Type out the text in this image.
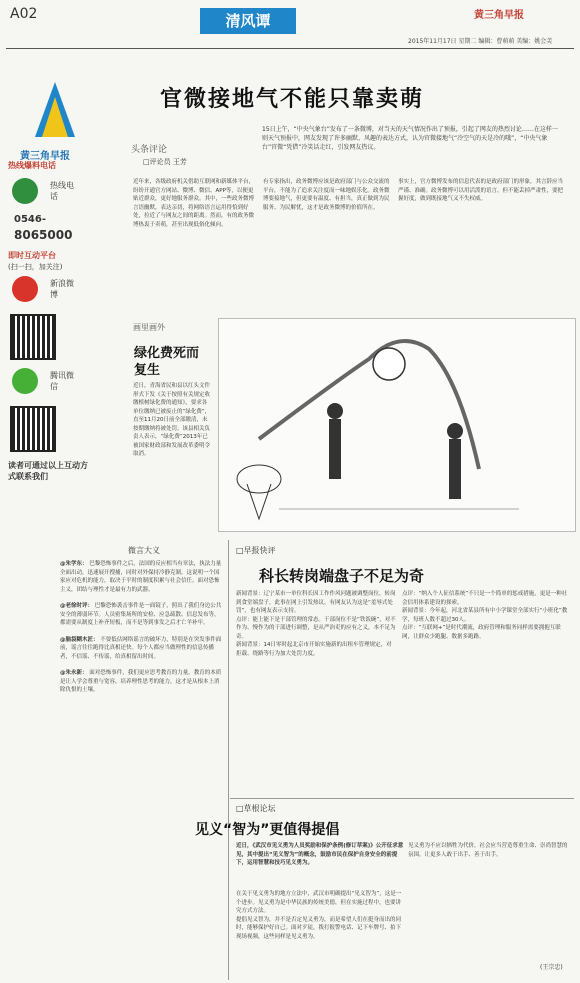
A02	清风谭	黄三角早报
2015年11月17日 星期二 编辑：曹萌萌 美编：姚会芙
黄三角早报
热线爆料电话
热线电话
0546-
8065000
即时互动平台
(扫一扫，加关注)
新浪微博
腾讯微信
读者可通过以上互动方式联系我们
官微接地气不能只靠卖萌
头条评论
□评论员 王芳
15日上午，“中央气象台”发布了一条微博，对当天的天气情况作出了预报，引起了网友的热烈讨论……在这样一则天气预报中，网友发现了许多幽默、风趣的表达方式，认为官微接地气“冷空气的天是冷的哦”，“中央气象台”官微“凭借”冷笑话走红，引发网友热议。
近年来，各级政府机关借助互联网和新媒体平台，纷纷开通官方网站、微博、微信、APP等，以便更贴近群众，更好地服务群众。其中，一些政务微博言语幽默，表达亲切，将网络语言运用得恰到好处，拉近了与网友之间的距离。然而，有的政务微博热衷于卖萌，甚至出现低俗化倾向。
有专家指出，政务微博应该是政府部门与公众交流的平台，不能为了追求关注度而一味地娱乐化。政务微博要接地气，但更要有温度、有担当，真正做到为民服务、为民解忧，这才是政务微博的价值所在。
事实上，官方微博发布的信息代表的是政府部门的形象，其言辞应当严谨、准确。政务微博可以用活泼的语言，但不能丢掉严肃性，要把握好度，做到既接地气又不失权威。
画里画外
绿化费死而复生
近日，青海省民和县以红头文件形式下发《关于按照有关规定收缴植树绿化费的通知》，要求各单位缴纳已被废止的“绿化费”，直至11月20日前全部缴清，未按期缴纳将被处罚。该县相关负责人表示，“绿化费”2013年已被国家财政部和发展改革委明令取消。
微言大义
@朱学东： 巴黎恐怖事件之后，法国的反应相当有章法，执法力量全面出动，迅速展开搜捕，同时对外保持冷静克制。这说明一个国家应对危机的能力，取决于平时的制度积累与社会信任。面对恐怖主义，团结与理性才是最有力的武器。
@老徐时评： 巴黎恐怖袭击事件是一面镜子，照出了我们身边公共安全的薄弱环节。人员密集场所的安检、应急疏散、信息发布等，都需要从制度上补齐短板，而不是等到事发之后才亡羊补牢。
@脑袋糊木匠： 不要低估网络谣言的破坏力，特别是在突发事件面前，谣言往往跑得比真相还快。每个人都应当做理性的信息传播者，不信谣、不传谣，给真相留出时间。
@朱永新： 面对恐怖事件，我们更应思考教育的力量。教育的本质是让人学会尊重与宽容，培养理性思考的能力，这才是从根本上消除仇恨的土壤。
□早报快评
科长转岗端盘子不足为奇
新闻背景：辽宁某市一单位科长因工作作风问题被调整岗位，转岗到食堂端盘子，此事在网上引发热议。有网友认为这是“羞辱式处罚”，也有网友表示支持。
点评：能上能下是干部管理的常态。干部岗位不是“铁饭碗”，对不作为、慢作为的干部进行调整，是从严治吏的应有之义，本不足为奇。
新闻背景：14日零时起北京市开始实施新的出租车管理规定，对拒载、绕路等行为加大处罚力度。
点评：“纳入个人征信系统”不只是一个简单的惩戒措施，更是一种社会信用体系建设的探索。
新闻背景：今年起，河北省某县所有中小学课堂全部实行“小班化”教学，每班人数不超过30人。
点评：“互联网+”是时代潮流，政府管理和服务同样需要拥抱互联网，让群众少跑腿、数据多跑路。
□草根论坛
见义“智为”更值得提倡
近日，《武汉市见义勇为人员奖励和保护条例(修订草案)》公开征求意见，其中提出“见义智为”的概念，鼓励市民在保护自身安全的前提下，运用智慧和技巧见义勇为。
在关于见义勇为的地方立法中，武汉市明确提出“见义智为”，这是一个进步。见义勇为是中华民族的传统美德，但在实施过程中，也要讲究方式方法。
提倡见义智为，并不是否定见义勇为，而是希望人们在挺身而出的同时，能够保护好自己。面对歹徒，拨打报警电话、记下车牌号、拍下现场视频，这些同样是见义勇为。
见义勇为不应以牺牲为代价，社会应当营造尊重生命、崇尚智慧的氛围，让更多人敢于出手、善于出手。
(王宗忠)
